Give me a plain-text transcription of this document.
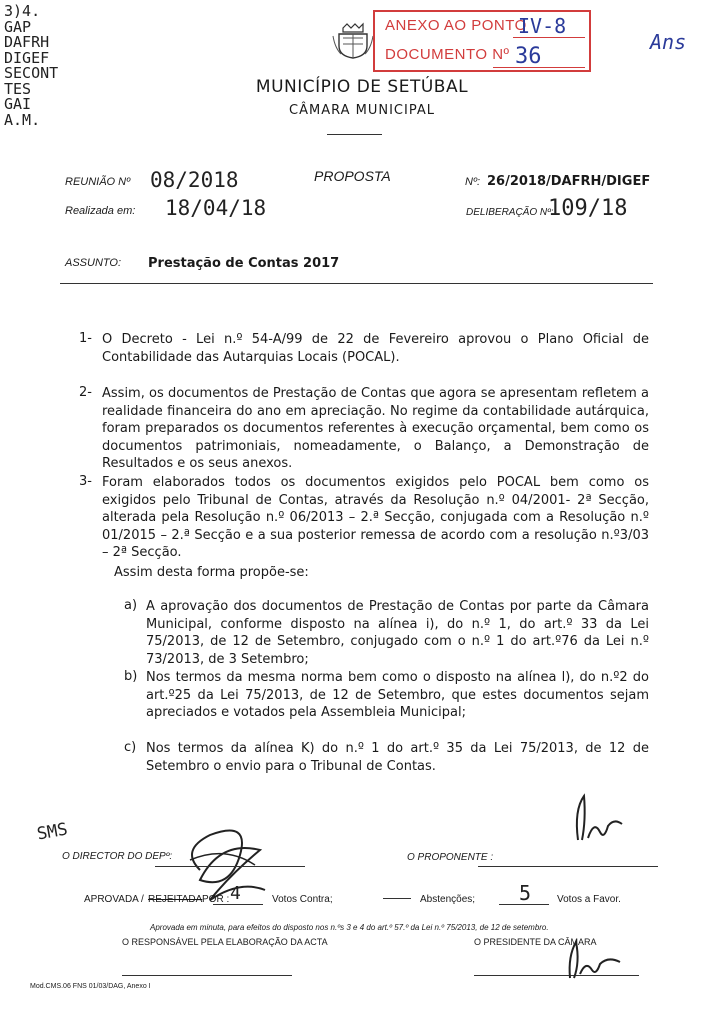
3)4.
GAP
DAFRH
DIGEF
SECONT
TES
GAI
A.M.
ANEXO AO PONTO
IV-8
DOCUMENTO Nº 36
Ans
MUNICÍPIO DE SETÚBAL
CÂMARA MUNICIPAL
REUNIÃO Nº 08/2018
Realizada em: 18/04/18
PROPOSTA	Nº: 26/2018/DAFRH/DIGEF
DELIBERAÇÃO Nº:
109/18
ASSUNTO: Prestação de Contas 2017
1- O Decreto - Lei n.º 54-A/99 de 22 de Fevereiro aprovou o Plano Oficial de Contabilidade das Autarquias Locais (POCAL).
2- Assim, os documentos de Prestação de Contas que agora se apresentam refletem a realidade financeira do ano em apreciação. No regime da contabilidade autárquica, foram preparados os documentos referentes à execução orçamental, bem como os documentos patrimoniais, nomeadamente, o Balanço, a Demonstração de Resultados e os seus anexos.
3- Foram elaborados todos os documentos exigidos pelo POCAL bem como os exigidos pelo Tribunal de Contas, através da Resolução n.º 04/2001- 2ª Secção, alterada pela Resolução n.º 06/2013 – 2.ª Secção, conjugada com a Resolução n.º 01/2015 – 2.ª Secção e a sua posterior remessa de acordo com a resolução n.º3/03 – 2ª Secção.
Assim desta forma propõe-se:
a) A aprovação dos documentos de Prestação de Contas por parte da Câmara Municipal, conforme disposto na alínea i), do n.º 1, do art.º 33 da Lei 75/2013, de 12 de Setembro, conjugado com o n.º 1 do art.º76 da Lei n.º 73/2013, de 3 Setembro;
b) Nos termos da mesma norma bem como o disposto na alínea l), do n.º2 do art.º25 da Lei 75/2013, de 12 de Setembro, que estes documentos sejam apreciados e votados pela Assembleia Municipal;
c) Nos termos da alínea K) do n.º 1 do art.º 35 da Lei 75/2013, de 12 de Setembro o envio para o Tribunal de Contas.
SMS
O DIRECTOR DO DEPº:	O PROPONENTE :
APROVADA / REJEITADA POR : 4	Votos Contra;	Abstenções; 5	Votos a Favor.
Aprovada em minuta, para efeitos do disposto nos n.ºs 3 e 4 do art.º 57.º da Lei n.º 75/2013, de 12 de setembro.
O RESPONSÁVEL PELA ELABORAÇÃO DA ACTA	O PRESIDENTE DA CÂMARA
Mod.CMS.06 FNS 01/03/DAG, Anexo I
